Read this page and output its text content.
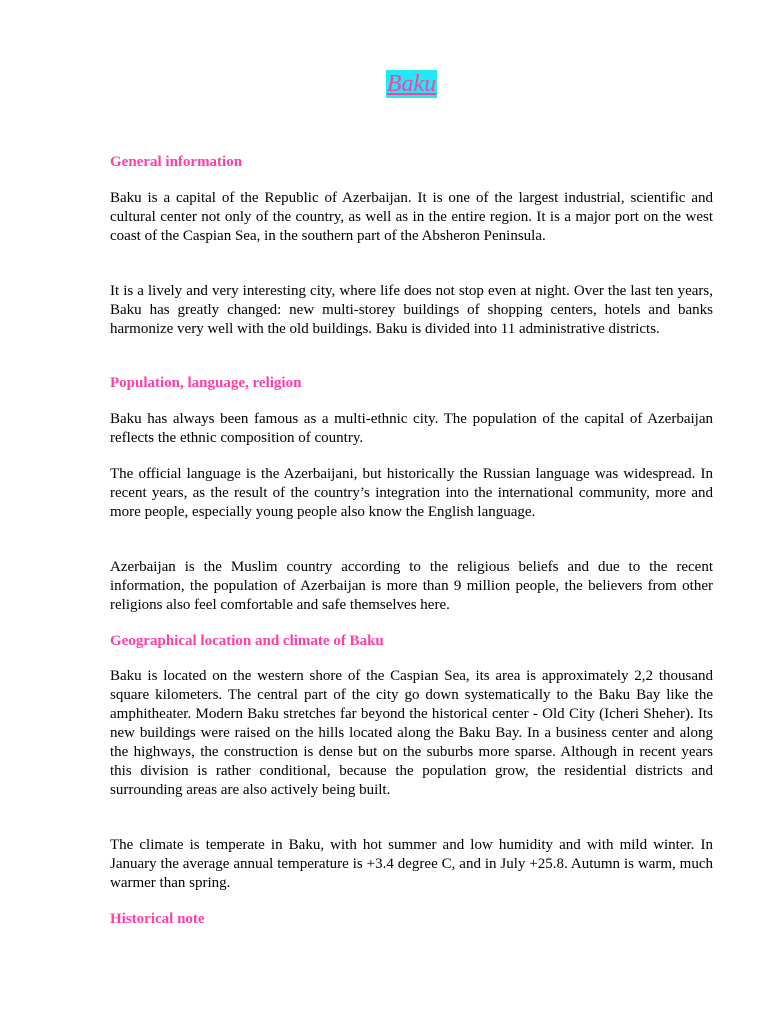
Baku
General information

Baku is a capital of the Republic of Azerbaijan. It is one of the largest industrial, scientific and cultural center not only of the country, as well as in the entire region. It is a major port on the west coast of the Caspian Sea, in the southern part of the Absheron Peninsula.

It is a lively and very interesting city, where life does not stop even at night. Over the last ten years, Baku has greatly changed: new multi-storey buildings of shopping centers, hotels and banks harmonize very well with the old buildings. Baku is divided into 11 administrative districts.

Population, language, religion

Baku has always been famous as a multi-ethnic city. The population of the capital of Azerbaijan reflects the ethnic composition of country.

The official language is the Azerbaijani, but historically the Russian language was widespread. In recent years, as the result of the country’s integration into the international community, more and more people, especially young people also know the English language.

Azerbaijan is the Muslim country according to the religious beliefs and due to the recent information, the population of Azerbaijan is more than 9 million people, the believers from other religions also feel comfortable and safe themselves here.

Geographical location and climate of Baku

Baku is located on the western shore of the Caspian Sea, its area is approximately 2,2 thousand square kilometers. The central part of the city go down systematically to the Baku Bay like the amphitheater. Modern Baku stretches far beyond the historical center - Old City (Icheri Sheher). Its new buildings were raised on the hills located along the Baku Bay. In a business center and along the highways, the construction is dense but on the suburbs more sparse. Although in recent years this division is rather conditional, because the population grow, the residential districts and surrounding areas are also actively being built.

The climate is temperate in Baku, with hot summer and low humidity and with mild winter. In January the average annual temperature is +3.4 degree C, and in July +25.8. Autumn is warm, much warmer than spring.

Historical note
